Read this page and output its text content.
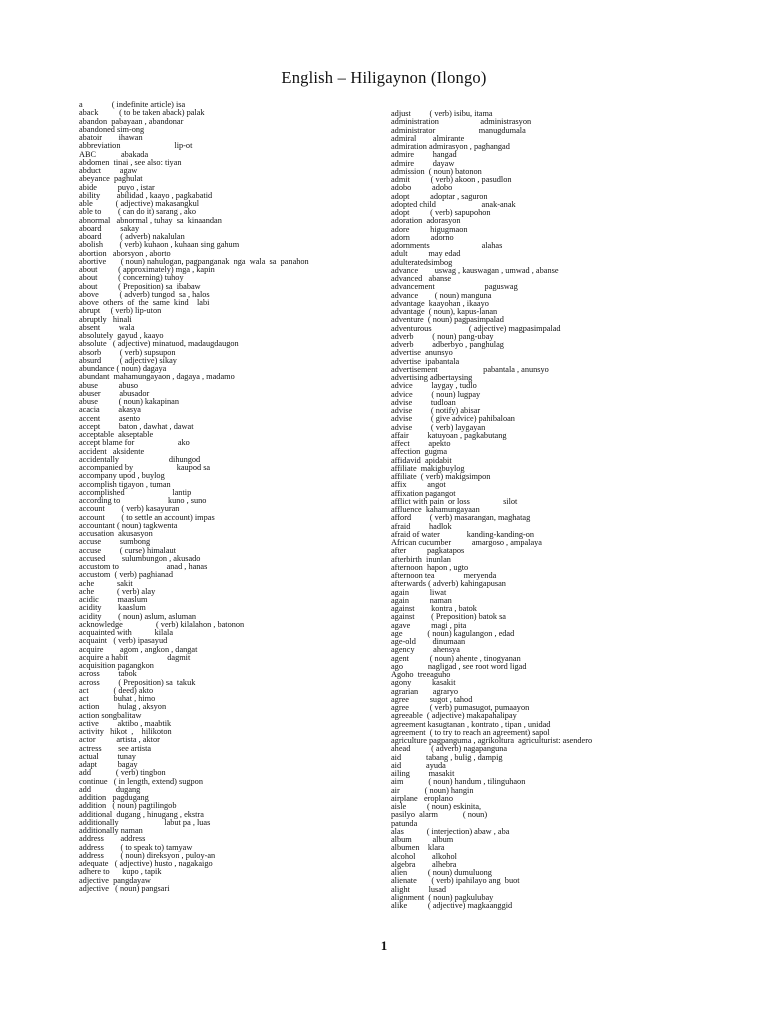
English – Hiligaynon (Ilongo)
a              ( indefinite article) isa
aback          ( to be taken aback) palak
abandon  pabayaan , abandonar
abandoned sim-ong
abatoir        ihawan
abbreviation                          lip-ot
ABC            abakada
abdomen  tinai , see also: tiyan
abduct         agaw
abeyance  paghulat
abide          puyo , istar
ability        abilidad , kaayo , pagkabatid
able           ( adjective) makasangkul
able to        ( can do it) sarang , ako
abnormal   abnormal , tuhay  sa  kinaandan
aboard         sakay
aboard         ( adverb) nakalulan
abolish        ( verb) kuhaon , kuhaan sing gahum
abortion   aborsyon , aborto
abortive       ( noun) nahulogan, pagpanganak  nga  wala  sa  panahon
about          ( approximately) mga , kapin
about          ( concerning) tuhoy
about          ( Preposition) sa  ibabaw
above          ( adverb) tungod  sa , halos
above  others  of  the  same  kind    labi
abrupt     ( verb) lip-uton
abruptly   hinali
absent         wala
absolutely  gayud , kaayo
absolute   ( adjective) minatuod, madaugdaugon
absorb         ( verb) supsupon
absurd         ( adjective) sikay
abundance ( noun) dagaya
abundant  mahamungayaon , dagaya , madamo
abuse          abuso
abuser         abusador
abuse          ( noun) kakapinan
acacia         akasya
accent         asento
accept         baton , dawhat , dawat
acceptable  akseptable
accept blame for                     ako
accident   aksidente
accidentally                        dihungod
accompanied by                     kaupod sa
accompany upod , buylog
accomplish tigayon , tuman
accomplished                       lantip
according to                       kuno , suno
account        ( verb) kasayuran
account        ( to settle an account) impas
accountant ( noun) tagkwenta
accusation  akusasyon
accuse         sumbong
accuse         ( curse) himalaut
accused        sulumbungon , akusado
accustom to                       anad , hanas
accustom  ( verb) paghianad
ache           sakit
ache           ( verb) alay
acidic         maaslum
acidity        kaaslum
acidity        ( noun) aslum, asluman
acknowledge                ( verb) kilalahon , batonon
acquainted with           kilala
acquaint   ( verb) ipasayud
acquire        agom , angkon , dangat
acquire a habit                   dagmit
acquisition pagangkon
across         tabok
across         ( Preposition) sa  takuk
act            ( deed) akto
act            buhat , himo
action         hulag , aksyon
action songbalitaw
active         aktibo , maabtik
activity   hikot  ,    hilikoton
actor          artista , aktor
actress        see artista
actual         tunay
adapt          bagay
add            ( verb) tingbon
continue   ( in length, extend) sugpon
add            dugang
addition   pagdugang
addition   ( noun) pagtilingob
additional  dugang , hinugang , ekstra
additionally                      labut pa , luas
additionally naman
address        address
address        ( to speak to) tamyaw
address        ( noun) direksyon , puloy-an
adequate   ( adjective) husto , nagakaigo
adhere to      kupo , tapik
adjective  pangdayaw
adjective   ( noun) pangsari
adjust         ( verb) isibu, itama
administration                    administrasyon
administrator                     manugdumala
admiral        almirante
admiration admirasyon , paghangad
admire         hangad
admire         dayaw
admission  ( noun) batonon
admit          ( verb) akoon , pasudlon
adobo          adobo
adopt          adoptar , saguron
adopted child                      anak-anak
adopt          ( verb) sapupohon
adoration  adorasyon
adore          higugmaon
adorn          adorno
adornments                         alahas
adult          may edad
adulteratedsimbog
advance        uswag , kauswagan , umwad , abanse
advanced   abanse
advancement                        paguswag
advance        ( noun) manguna
advantage  kaayohan , ikaayo
advantage  ( noun), kapus-lanan
adventure  ( noun) pagpasimpalad
adventurous                  ( adjective) magpasimpalad
adverb         ( noun) pang-ubay
adverb         adberbyo , panghulag
advertise  anunsyo
advertise  ipabantala
advertisement                      pabantala , anunsyo
advertising adbertaysing
advice         laygay , tudlo
advice         ( noun) lugpay
advise         tudloan
advise         ( notify) abisar
advise         ( give advice) pahibaloan
advise         ( verb) laygayan
affair         katuyoan , pagkabutang
affect         apekto
affection  gugma
affidavid  apidabit
affiliate  makigbuylog
affiliate  ( verb) makigsimpon
affix          angot
affixation pagangot
afflict with pain  or loss                silot
affluence  kahamungayaan
afford         ( verb) masarangan, maghatag
afraid         hadlok
afraid of water             kanding-kanding-on
African cucumber          amargoso , ampalaya
after          pagkatapos
afterbirth  inunlan
afternoon  hapon , ugto
afternoon tea              meryenda
afterwards ( adverb) kahingapusan
again          liwat
again          naman
against        kontra , batok
against        ( Preposition) batok sa
agave          magi , pita
age            ( noun) kagulangon , edad
age-old        dinumaan
agency         ahensya
agent          ( noun) ahente , tinogyanan
ago            nagligad , see root word ligad
Agoho  treeaguho
agony          kasakit
agrarian       agraryo
agree          sugot , tahod
agree          ( verb) pumasugot, pumaayon
agreeable  ( adjective) makapahalipay
agreement kasugtanan , kontrato , tipan , unidad
agreement  ( to try to reach an agreement) sapol
agriculture pagpanguma , agrikoltura  agriculturist: asendero
ahead          ( adverb) nagapanguna
aid            tabang , bulig , dampig
aid            ayuda
ailing         masakit
aim            ( noun) handum , tilinguhaon
air            ( noun) hangin
airplane   eroplano
aisle          ( noun) eskinita,
pasilyo  alarm            ( noun)
patunda
alas           ( interjection) abaw , aba
album          album
albumen    klara
alcohol        alkohol
algebra        alhebra
alien          ( noun) dumuluong
alienate       ( verb) ipahilayo ang  buot
alight         lusad
alignment  ( noun) pagkulubay
alike          ( adjective) magkaanggid
1
